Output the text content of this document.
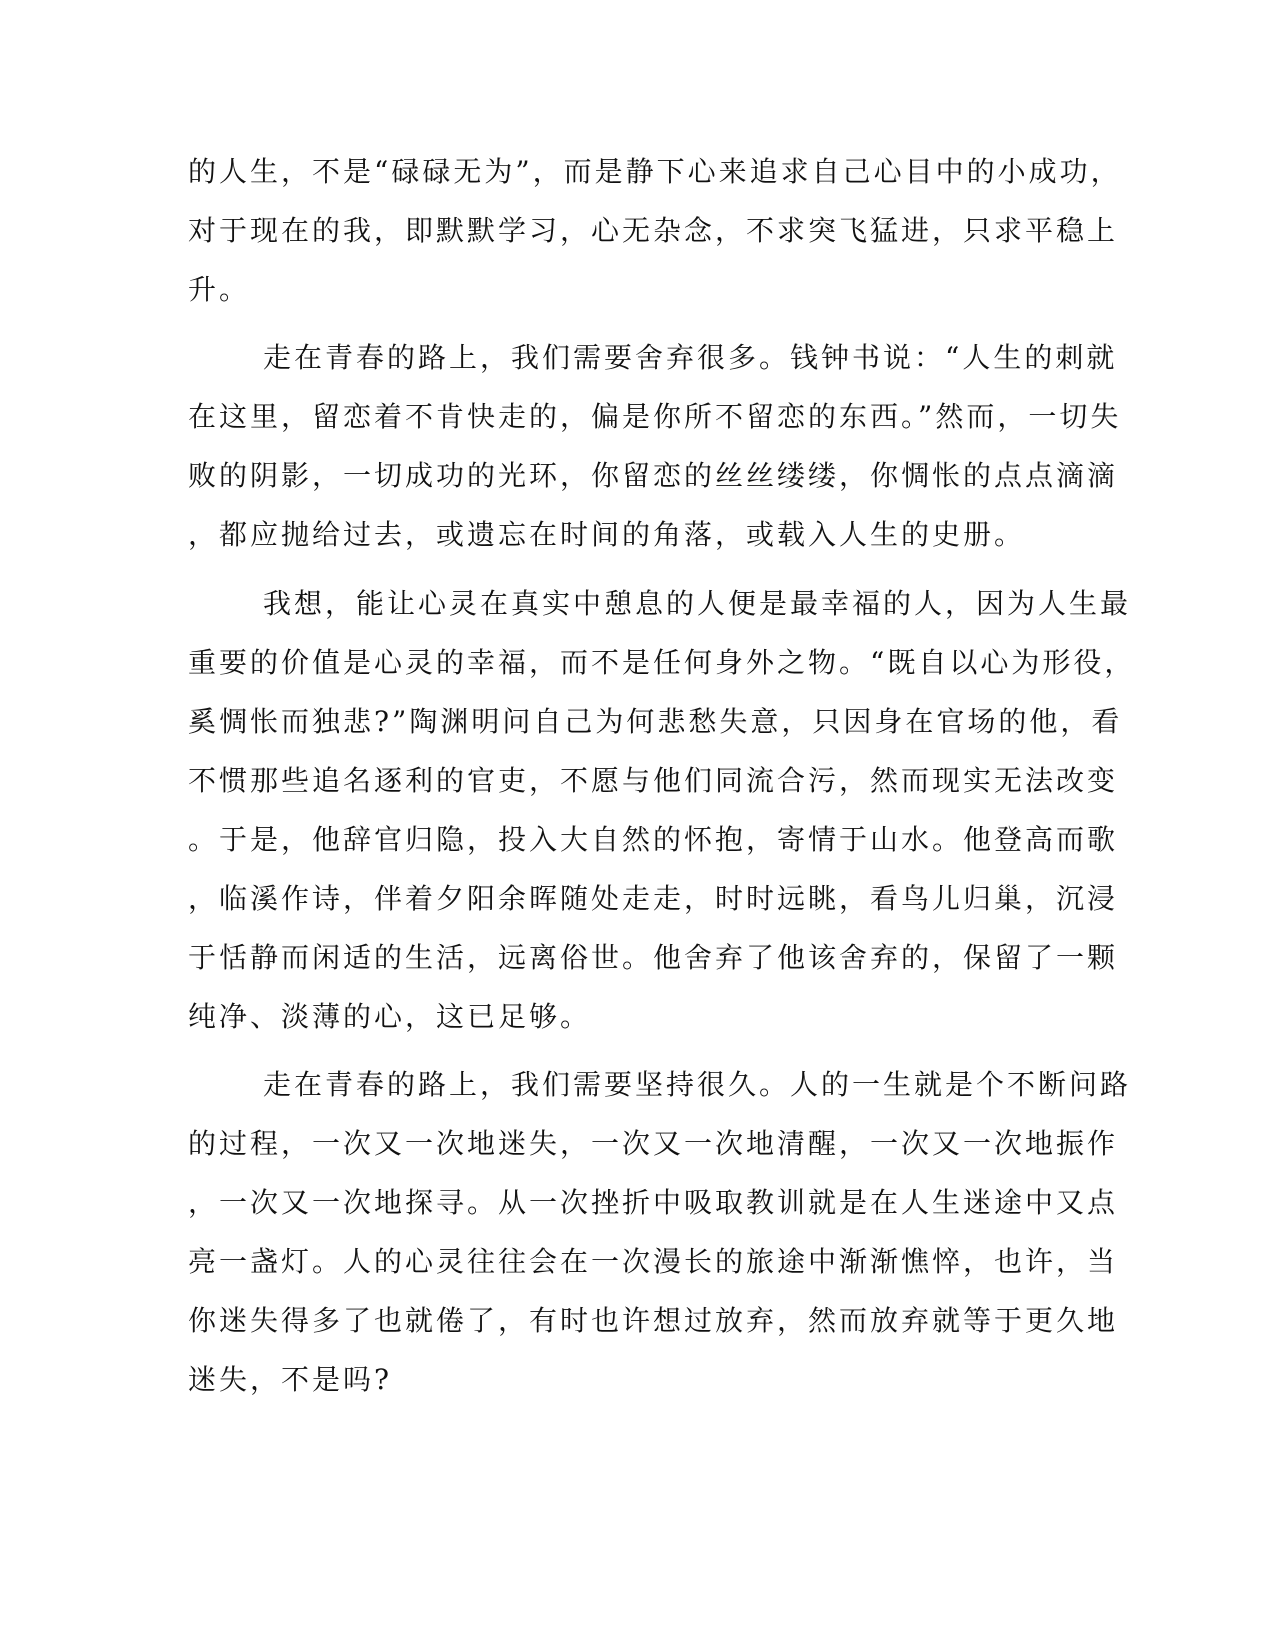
的人生，不是“碌碌无为”，而是静下心来追求自己心目中的小成功，
对于现在的我，即默默学习，心无杂念，不求突飞猛进，只求平稳上
升。
走在青春的路上，我们需要舍弃很多。钱钟书说：“人生的刺就
在这里，留恋着不肯快走的，偏是你所不留恋的东西。”然而，一切失
败的阴影，一切成功的光环，你留恋的丝丝缕缕，你惆怅的点点滴滴
，都应抛给过去，或遗忘在时间的角落，或载入人生的史册。
我想，能让心灵在真实中憩息的人便是最幸福的人，因为人生最
重要的价值是心灵的幸福，而不是任何身外之物。“既自以心为形役，
奚惆怅而独悲?”陶渊明问自己为何悲愁失意，只因身在官场的他，看
不惯那些追名逐利的官吏，不愿与他们同流合污，然而现实无法改变
。于是，他辞官归隐，投入大自然的怀抱，寄情于山水。他登高而歌
，临溪作诗，伴着夕阳余晖随处走走，时时远眺，看鸟儿归巢，沉浸
于恬静而闲适的生活，远离俗世。他舍弃了他该舍弃的，保留了一颗
纯净、淡薄的心，这已足够。
走在青春的路上，我们需要坚持很久。人的一生就是个不断问路
的过程，一次又一次地迷失，一次又一次地清醒，一次又一次地振作
，一次又一次地探寻。从一次挫折中吸取教训就是在人生迷途中又点
亮一盏灯。人的心灵往往会在一次漫长的旅途中渐渐憔悴，也许，当
你迷失得多了也就倦了，有时也许想过放弃，然而放弃就等于更久地
迷失，不是吗?
